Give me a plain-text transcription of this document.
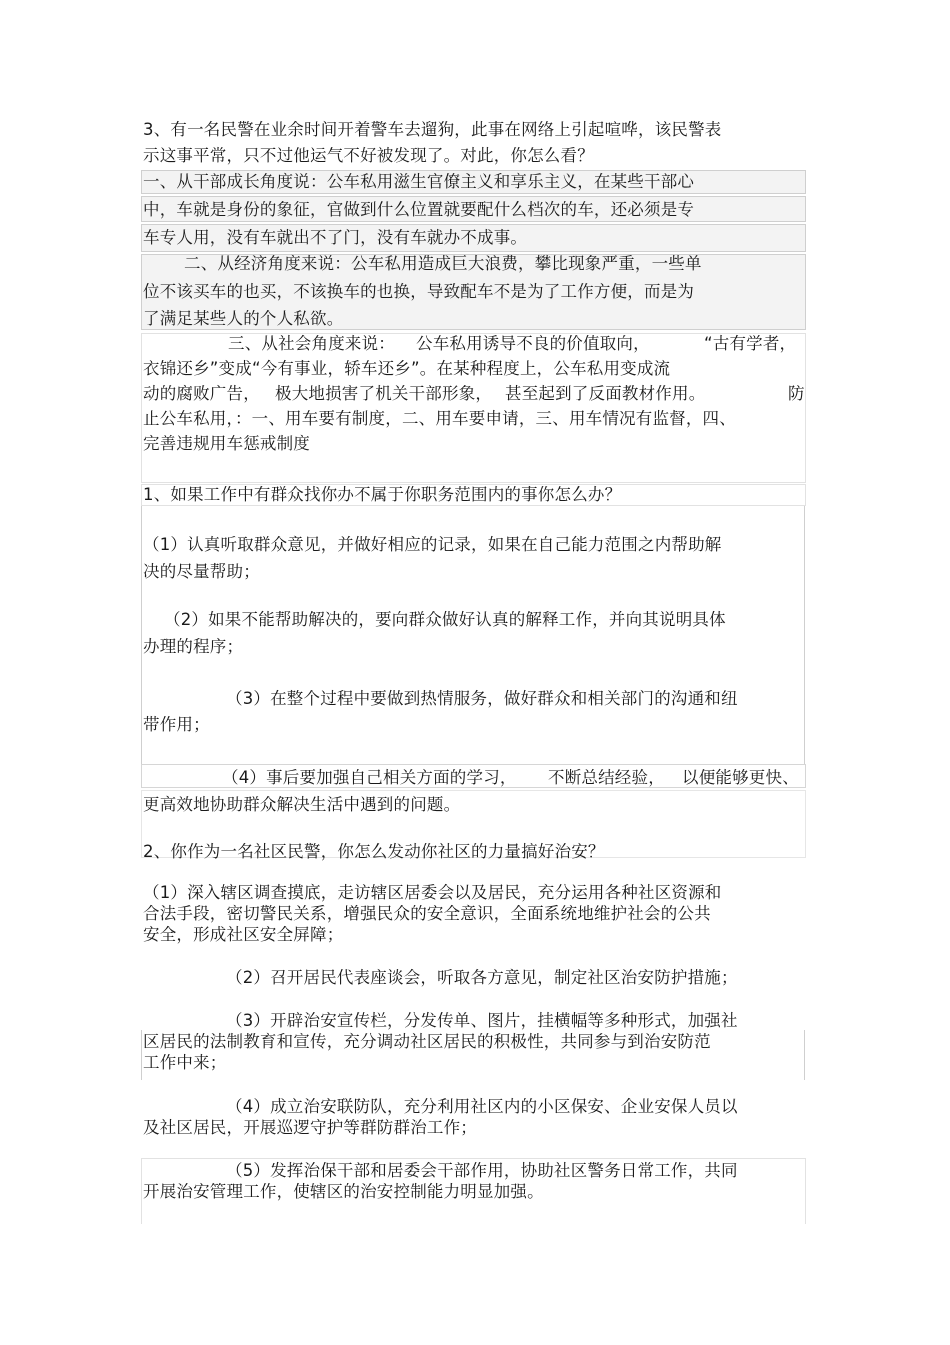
3、有一名民警在业余时间开着警车去遛狗，此事在网络上引起喧哗，该民警表
示这事平常，只不过他运气不好被发现了。对此，你怎么看？
一、从干部成长角度说：公车私用滋生官僚主义和享乐主义，在某些干部心
中，车就是身份的象征，官做到什么位置就要配什么档次的车，还必须是专
车专人用，没有车就出不了门，没有车就办不成事。
二、从经济角度来说：公车私用造成巨大浪费，攀比现象严重，一些单
位不该买车的也买，不该换车的也换，导致配车不是为了工作方便，而是为
了满足某些人的个人私欲。
三、从社会角度来说： 公车私用诱导不良的价值取向，	“古有学者，
衣锦还乡”变成“今有事业，轿车还乡”。在某种程度上，公车私用变成流
动的腐败广告， 极大地损害了机关干部形象， 甚至起到了反面教材作用。	防
止公车私用，：一、用车要有制度，二、用车要申请，三、用车情况有监督，四、
完善违规用车惩戒制度
1、如果工作中有群众找你办不属于你职务范围内的事你怎么办？
（1）认真听取群众意见，并做好相应的记录，如果在自己能力范围之内帮助解
决的尽量帮助；
（2）如果不能帮助解决的，要向群众做好认真的解释工作，并向其说明具体
办理的程序；
（3）在整个过程中要做到热情服务，做好群众和相关部门的沟通和纽
带作用；
（4）事后要加强自己相关方面的学习， 不断总结经验， 以便能够更快、
更高效地协助群众解决生活中遇到的问题。
2、你作为一名社区民警，你怎么发动你社区的力量搞好治安？
（1）深入辖区调查摸底，走访辖区居委会以及居民，充分运用各种社区资源和
合法手段，密切警民关系，增强民众的安全意识，全面系统地维护社会的公共
安全，形成社区安全屏障；
（2）召开居民代表座谈会，听取各方意见，制定社区治安防护措施；
（3）开辟治安宣传栏，分发传单、图片，挂横幅等多种形式，加强社
区居民的法制教育和宣传，充分调动社区居民的积极性，共同参与到治安防范
工作中来；
（4）成立治安联防队，充分利用社区内的小区保安、企业安保人员以
及社区居民，开展巡逻守护等群防群治工作；
（5）发挥治保干部和居委会干部作用，协助社区警务日常工作，共同
开展治安管理工作，使辖区的治安控制能力明显加强。
